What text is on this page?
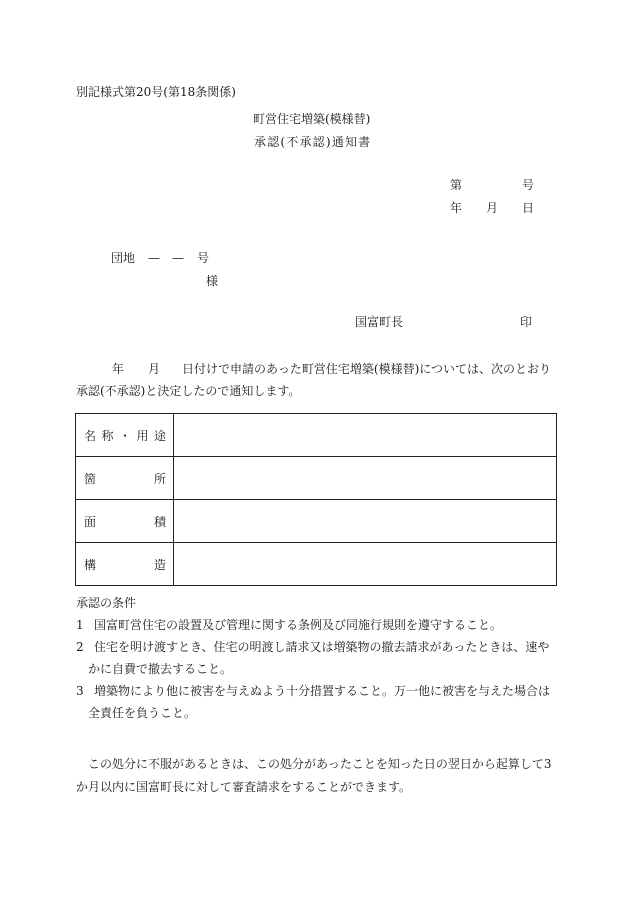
別記様式第20号(第18条関係)
町営住宅増築(模様替)
承認(不承認)通知書
第	号
年 月 日
団地 — — 号
様
国富町長	印
年 月 日付けで申請のあった町営住宅増築(模様替)については、次のとおり
承認(不承認)と決定したので通知します。
名 称 ・ 用 途	

箇 所	

面 積	

構 造	

承認の条件
1 国富町営住宅の設置及び管理に関する条例及び同施行規則を遵守すること。
2 住宅を明け渡すとき、住宅の明渡し請求又は増築物の撤去請求があったときは、速やかに自費で撤去すること。
3 増築物により他に被害を与えぬよう十分措置すること。万一他に被害を与えた場合は全責任を負うこと。
この処分に不服があるときは、この処分があったことを知った日の翌日から起算して3か月以内に国富町長に対して審査請求をすることができます。
